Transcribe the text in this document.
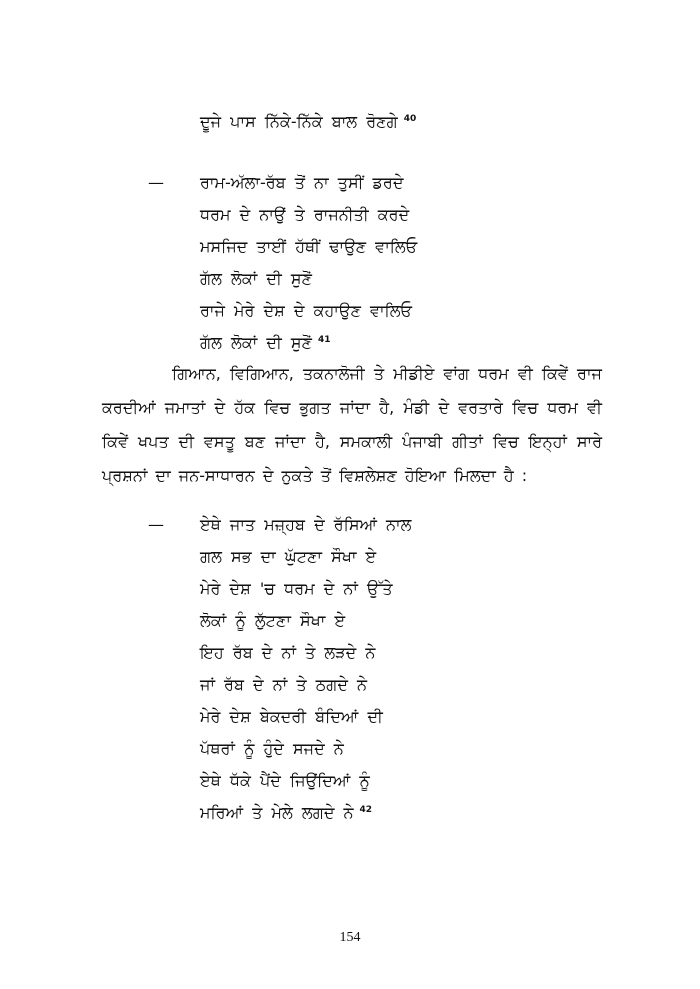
ਦੂਜੇ ਪਾਸ ਨਿੱਕੇ-ਨਿੱਕੇ ਬਾਲ ਰੋਣਗੇ $^{40}$
— ਰਾਮ-ਅੱਲਾ-ਰੱਬ ਤੋਂ ਨਾ ਤੁਸੀਂ ਡਰਦੇ
ਧਰਮ ਦੇ ਨਾਉਂ ਤੇ ਰਾਜਨੀਤੀ ਕਰਦੇ
ਮਸਜਿਦ ਤਾਈਂ ਹੱਥੀਂ ਢਾਉਣ ਵਾਲਿਓ
ਗੱਲ ਲੋਕਾਂ ਦੀ ਸੁਣੋਂ
ਰਾਜੇ ਮੇਰੇ ਦੇਸ਼ ਦੇ ਕਹਾਉਣ ਵਾਲਿਓ
ਗੱਲ ਲੋਕਾਂ ਦੀ ਸੁਣੋਂ $^{41}$
ਗਿਆਨ, ਵਿਗਿਆਨ, ਤਕਨਾਲੋਜੀ ਤੇ ਮੀਡੀਏ ਵਾਂਗ ਧਰਮ ਵੀ ਕਿਵੇਂ ਰਾਜ ਕਰਦੀਆਂ ਜਮਾਤਾਂ ਦੇ ਹੱਕ ਵਿਚ ਭੁਗਤ ਜਾਂਦਾ ਹੈ, ਮੰਡੀ ਦੇ ਵਰਤਾਰੇ ਵਿਚ ਧਰਮ ਵੀ ਕਿਵੇਂ ਖਪਤ ਦੀ ਵਸਤੂ ਬਣ ਜਾਂਦਾ ਹੈ, ਸਮਕਾਲੀ ਪੰਜਾਬੀ ਗੀਤਾਂ ਵਿਚ ਇਨ੍ਹਾਂ ਸਾਰੇ ਪ੍ਰਸ਼ਨਾਂ ਦਾ ਜਨ-ਸਾਧਾਰਨ ਦੇ ਨੁਕਤੇ ਤੋਂ ਵਿਸ਼ਲੇਸ਼ਣ ਹੋਇਆ ਮਿਲਦਾ ਹੈ :
— ਏਥੇ ਜਾਤ ਮਜ਼੍ਹਬ ਦੇ ਰੱਸਿਆਂ ਨਾਲ
ਗਲ ਸਭ ਦਾ ਘੁੱਟਣਾ ਸੌਖਾ ਏ
ਮੇਰੇ ਦੇਸ਼ 'ਚ ਧਰਮ ਦੇ ਨਾਂ ਉੱਤੇ
ਲੋਕਾਂ ਨੂੰ ਲੁੱਟਣਾ ਸੌਖਾ ਏ
ਇਹ ਰੱਬ ਦੇ ਨਾਂ ਤੇ ਲੜਦੇ ਨੇ
ਜਾਂ ਰੱਬ ਦੇ ਨਾਂ ਤੇ ਠਗਦੇ ਨੇ
ਮੇਰੇ ਦੇਸ਼ ਬੇਕਦਰੀ ਬੰਦਿਆਂ ਦੀ
ਪੱਥਰਾਂ ਨੂੰ ਹੁੰਦੇ ਸਜਦੇ ਨੇ
ਏਥੇ ਧੱਕੇ ਪੈਂਦੇ ਜਿਉਂਦਿਆਂ ਨੂੰ
ਮਰਿਆਂ ਤੇ ਮੇਲੇ ਲਗਦੇ ਨੇ $^{42}$
154
